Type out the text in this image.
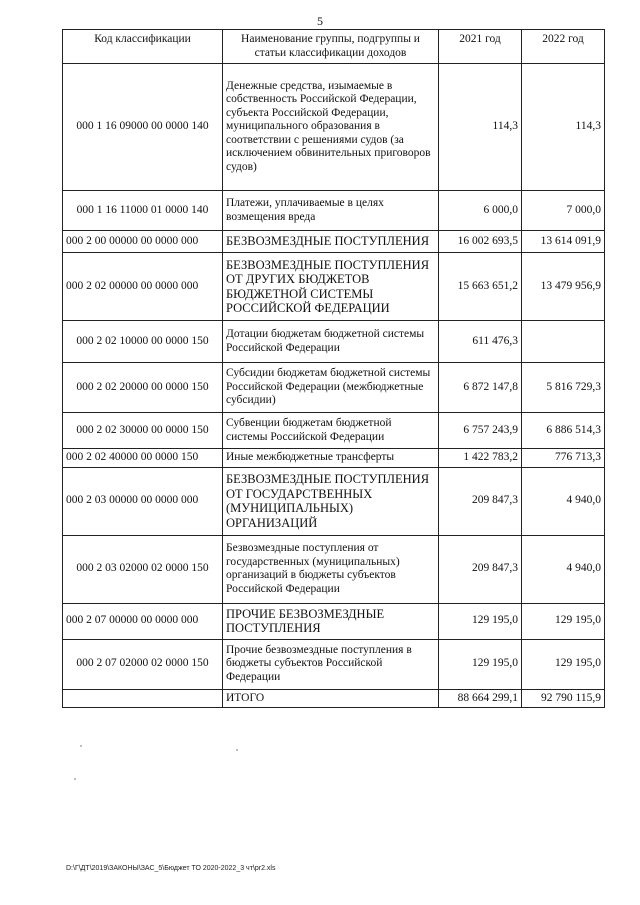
5
Код классификации	Наименование группы, подгруппы и статьи классификации доходов	2021 год	2022 год
000 1 16 09000 00 0000 140	Денежные средства, изымаемые в собственность Российской Федерации, субъекта Российской Федерации, муниципального образования в соответствии с решениями судов (за исключением обвинительных приговоров судов)	114,3	114,3
000 1 16 11000 01 0000 140	Платежи, уплачиваемые в целях возмещения вреда	6 000,0	7 000,0
000 2 00 00000 00 0000 000	БЕЗВОЗМЕЗДНЫЕ ПОСТУПЛЕНИЯ	16 002 693,5	13 614 091,9
000 2 02 00000 00 0000 000	БЕЗВОЗМЕЗДНЫЕ ПОСТУПЛЕНИЯ ОТ ДРУГИХ БЮДЖЕТОВ БЮДЖЕТНОЙ СИСТЕМЫ РОССИЙСКОЙ ФЕДЕРАЦИИ	15 663 651,2	13 479 956,9
000 2 02 10000 00 0000 150	Дотации бюджетам бюджетной системы Российской Федерации	611 476,3	
000 2 02 20000 00 0000 150	Субсидии бюджетам бюджетной системы Российской Федерации (межбюджетные субсидии)	6 872 147,8	5 816 729,3
000 2 02 30000 00 0000 150	Субвенции бюджетам бюджетной системы Российской Федерации	6 757 243,9	6 886 514,3
000 2 02 40000 00 0000 150	Иные межбюджетные трансферты	1 422 783,2	776 713,3
000 2 03 00000 00 0000 000	БЕЗВОЗМЕЗДНЫЕ ПОСТУПЛЕНИЯ ОТ ГОСУДАРСТВЕННЫХ (МУНИЦИПАЛЬНЫХ) ОРГАНИЗАЦИЙ	209 847,3	4 940,0
000 2 03 02000 02 0000 150	Безвозмездные поступления от государственных (муниципальных) организаций в бюджеты субъектов Российской Федерации	209 847,3	4 940,0
000 2 07 00000 00 0000 000	ПРОЧИЕ БЕЗВОЗМЕЗДНЫЕ ПОСТУПЛЕНИЯ	129 195,0	129 195,0
000 2 07 02000 02 0000 150	Прочие безвозмездные поступления в бюджеты субъектов Российской Федерации	129 195,0	129 195,0
	ИТОГО	88 664 299,1	92 790 115,9
D:\Г\ДТ\2019\ЗАКОНЫ\ЗАС_5\Бюджет ТО 2020-2022_3 чт\pr2.xls
